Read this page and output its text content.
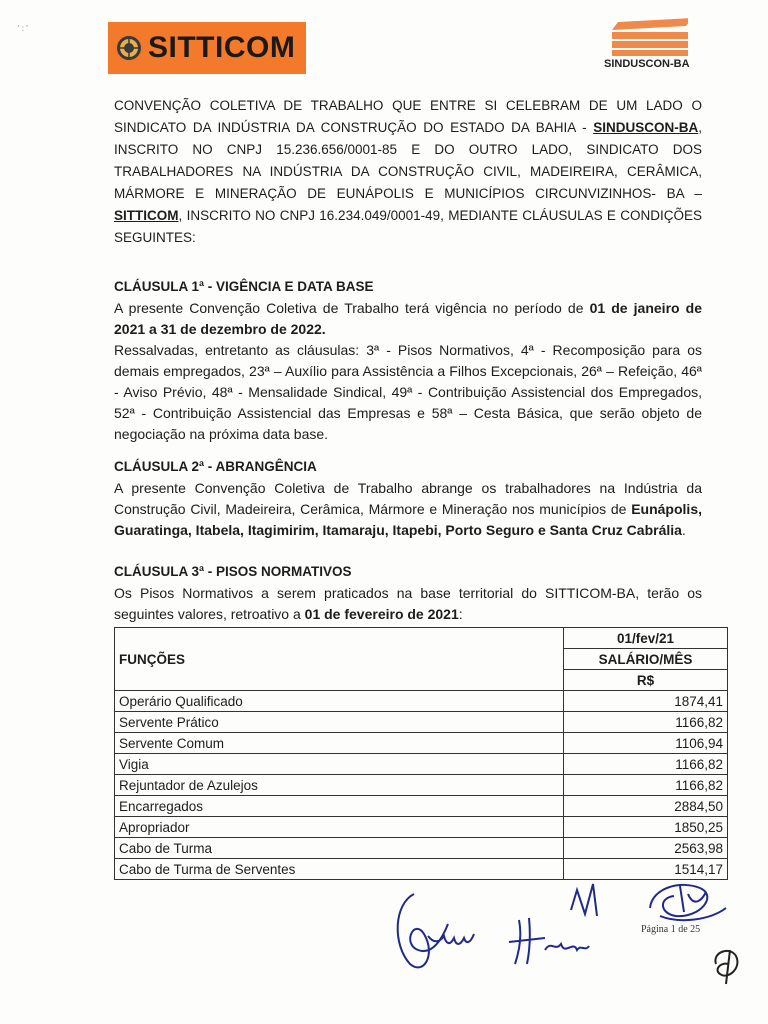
' : '
SITTICOM	SINDUSCON-BA
CONVENÇÃO COLETIVA DE TRABALHO QUE ENTRE SI CELEBRAM DE UM LADO O SINDICATO DA INDÚSTRIA DA CONSTRUÇÃO DO ESTADO DA BAHIA - SINDUSCON-BA, INSCRITO NO CNPJ 15.236.656/0001-85 E DO OUTRO LADO, SINDICATO DOS TRABALHADORES NA INDÚSTRIA DA CONSTRUÇÃO CIVIL, MADEIREIRA, CERÂMICA, MÁRMORE E MINERAÇÃO DE EUNÁPOLIS E MUNICÍPIOS CIRCUNVIZINHOS- BA – SITTICOM, INSCRITO NO CNPJ 16.234.049/0001-49, MEDIANTE CLÁUSULAS E CONDIÇÕES SEGUINTES:
CLÁUSULA 1ª - VIGÊNCIA E DATA BASE
A presente Convenção Coletiva de Trabalho terá vigência no período de 01 de janeiro de 2021 a 31 de dezembro de 2022.
Ressalvadas, entretanto as cláusulas: 3ª - Pisos Normativos, 4ª - Recomposição para os demais empregados, 23ª – Auxílio para Assistência a Filhos Excepcionais, 26ª – Refeição, 46ª - Aviso Prévio, 48ª - Mensalidade Sindical, 49ª - Contribuição Assistencial dos Empregados, 52ª - Contribuição Assistencial das Empresas e 58ª – Cesta Básica, que serão objeto de negociação na próxima data base.
CLÁUSULA 2ª - ABRANGÊNCIA
A presente Convenção Coletiva de Trabalho abrange os trabalhadores na Indústria da Construção Civil, Madeireira, Cerâmica, Mármore e Mineração nos municípios de Eunápolis, Guaratinga, Itabela, Itagimirim, Itamaraju, Itapebi, Porto Seguro e Santa Cruz Cabrália.
CLÁUSULA 3ª - PISOS NORMATIVOS
Os Pisos Normativos a serem praticados na base territorial do SITTICOM-BA, terão os seguintes valores, retroativo a 01 de fevereiro de 2021:
FUNÇÕES	01/fev/21
	SALÁRIO/MÊS
	R$
Operário Qualificado	1874,41
Servente Prático	1166,82
Servente Comum	1106,94
Vigia	1166,82
Rejuntador de Azulejos	1166,82
Encarregados	2884,50
Apropriador	1850,25
Cabo de Turma	2563,98
Cabo de Turma de Serventes	1514,17
Página 1 de 25
